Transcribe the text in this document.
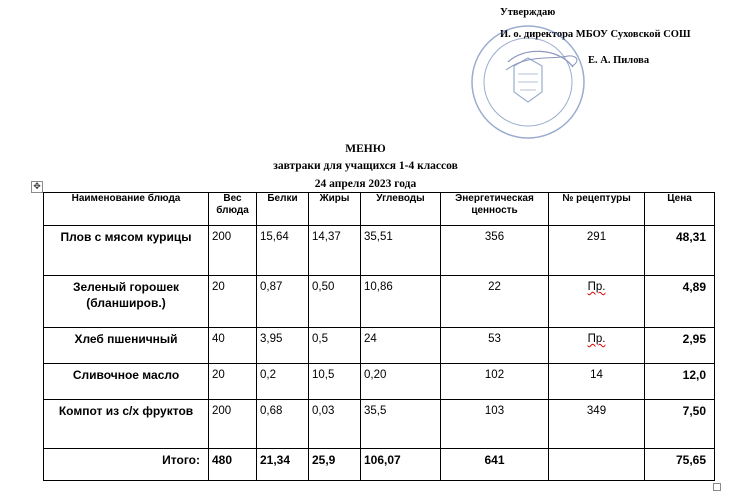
Утверждаю
И. о. директора МБОУ Суховской СОШ
Е. А. Пилова
МЕНЮ
завтраки для учащихся 1-4 классов
24 апреля 2023 года
✥
Наименование блюда	Вес блюда	Белки	Жиры	Углеводы	Энергетическая ценность	№ рецептуры	Цена
Плов с мясом курицы	200	15,64	14,37	35,51	356	291	48,31
Зеленый горошек (бланширов.)	20	0,87	0,50	10,86	22	Пр.	4,89
Хлеб пшеничный	40	3,95	0,5	24	53	Пр.	2,95
Сливочное масло	20	0,2	10,5	0,20	102	14	12,0
Компот из с/х фруктов	200	0,68	0,03	35,5	103	349	7,50
Итого:	480	21,34	25,9	106,07	641		75,65
